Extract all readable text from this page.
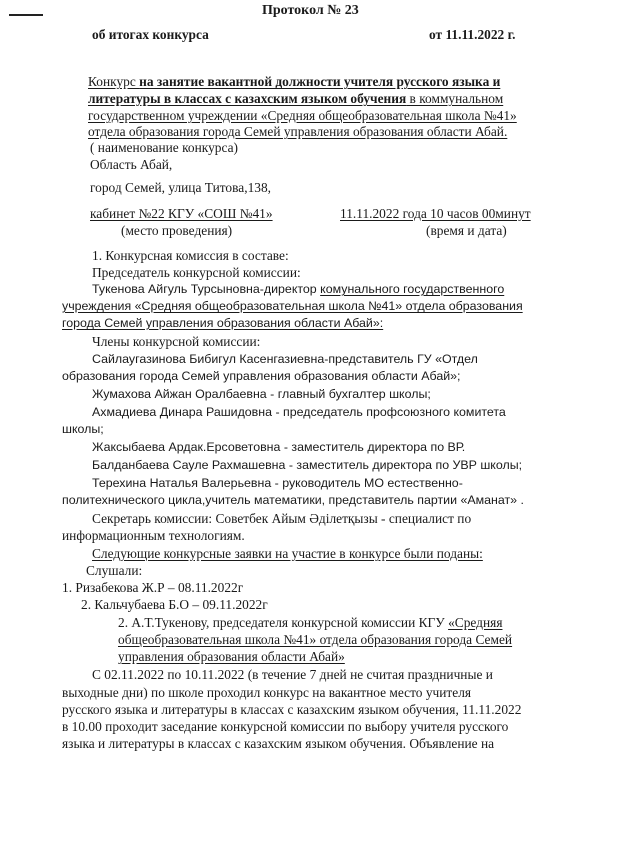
Протокол № 23
об итогах конкурса	от 11.11.2022 г.
Конкурс на занятие вакантной должности учителя русского языка и
литературы в классах с казахским языком обучения в коммунальном
государственном учреждении «Средняя общеобразовательная школа №41»
отдела образования города Семей управления образования области Абай.
( наименование конкурса)
Область Абай,
город Семей, улица Титова,138,
кабинет №22 КГУ «СОШ №41»	11.11.2022 года 10 часов 00минут
(место проведения)	(время и дата)
1. Конкурсная комиссия в составе:
Председатель конкурсной комиссии:
Тукенова Айгуль Турсыновна-директор комунального государственного
учреждения «Средняя общеобразовательная школа №41» отдела образования
города Семей управления образования области Абай»:
Члены конкурсной комиссии:
Сайлаугазинова Бибигул Касенгазиевна-представитель ГУ «Отдел
образования города Семей управления образования области Абай»;
Жумахова Айжан Оралбаевна - главный бухгалтер школы;
Ахмадиева Динара Рашидовна - председатель профсоюзного комитета
школы;
Жаксыбаева Ардак.Ерсоветовна - заместитель директора по ВР.
Балданбаева Сауле Рахмашевна - заместитель директора по УВР школы;
Терехина Наталья Валерьевна - руководитель МО естественно-
политехнического цикла,учитель математики, представитель партии «Аманат» .
Секретарь комиссии: Советбек Айым Әділетқызы - специалист по
информационным технологиям.
Следующие конкурсные заявки на участие в конкурсе были поданы:
Слушали:
1. Ризабекова Ж.Р – 08.11.2022г
2. Кальчубаева Б.О – 09.11.2022г
2. А.Т.Тукенову, председателя конкурсной комиссии КГУ «Средняя
общеобразовательная школа №41» отдела образования города Семей
управления образования области Абай»
С 02.11.2022 по 10.11.2022 (в течение 7 дней не считая праздничные и
выходные дни) по школе проходил конкурс на вакантное место учителя
русского языка и литературы в классах с казахским языком обучения, 11.11.2022
в 10.00 проходит заседание конкурсной комиссии по выбору учителя русского
языка и литературы в классах с казахским языком обучения. Объявление на
